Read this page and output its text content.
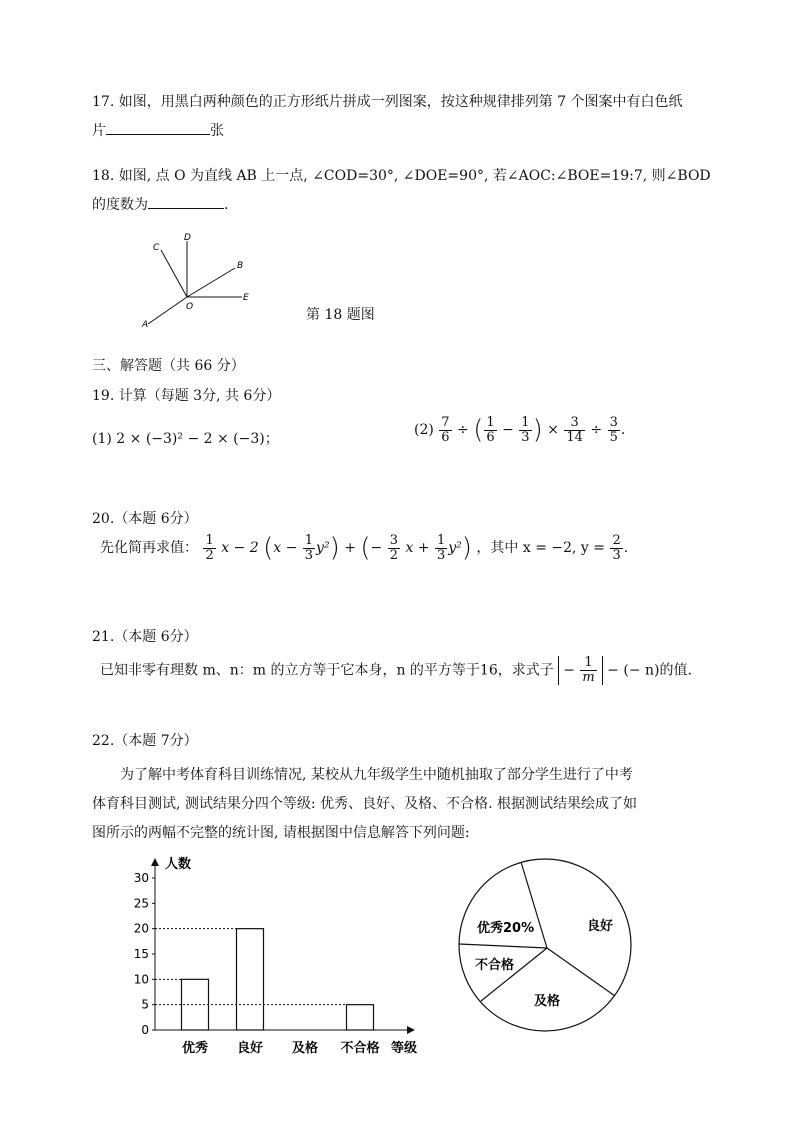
17. 如图，用黑白两种颜色的正方形纸片拼成一列图案，按这种规律排列第 7 个图案中有白色纸
片	张
18. 如图, 点 O 为直线 AB 上一点, ∠COD=30°, ∠DOE=90°, 若∠AOC:∠BOE=19:7, 则∠BOD
的度数为	.
A
C
D
B
E
O	第 18 题图
三、解答题（共 66 分）
19. 计算（每题 3分, 共 6分）
(1) 2 × (−3)² − 2 × (−3)；
$(2) \frac{7}{6}$ ÷ ( $\frac{1}{6} - \frac{1}{3}$ ) × $\frac{3}{14} \div \frac{3}{5}$ .
20.（本题 6分）
先化简再求值： $\frac{1}{2}$ x − 2 $(x - \frac{1}{3} y^2)$ + (− $\frac{3}{2}$ $x + \frac{1}{3} y^2$) ，其中 x = −2, $y = \frac{2}{3}$ .
21.（本题 6分）
已知非零有理数 m、n：m 的立方等于它本身，n 的平方等于16，求式子 − $\frac{1}{m}$ − (− n)的值.
22.（本题 7分）
为了解中考体育科目训练情况, 某校从九年级学生中随机抽取了部分学生进行了中考
体育科目测试, 测试结果分四个等级: 优秀、良好、及格、不合格. 根据测试结果绘成了如
图所示的两幅不完整的统计图, 请根据图中信息解答下列问题:
人数
等级
0
5
10
15
20
25
30
优秀 良好 及格 不合格
优秀20%	良好
不合格
及格
